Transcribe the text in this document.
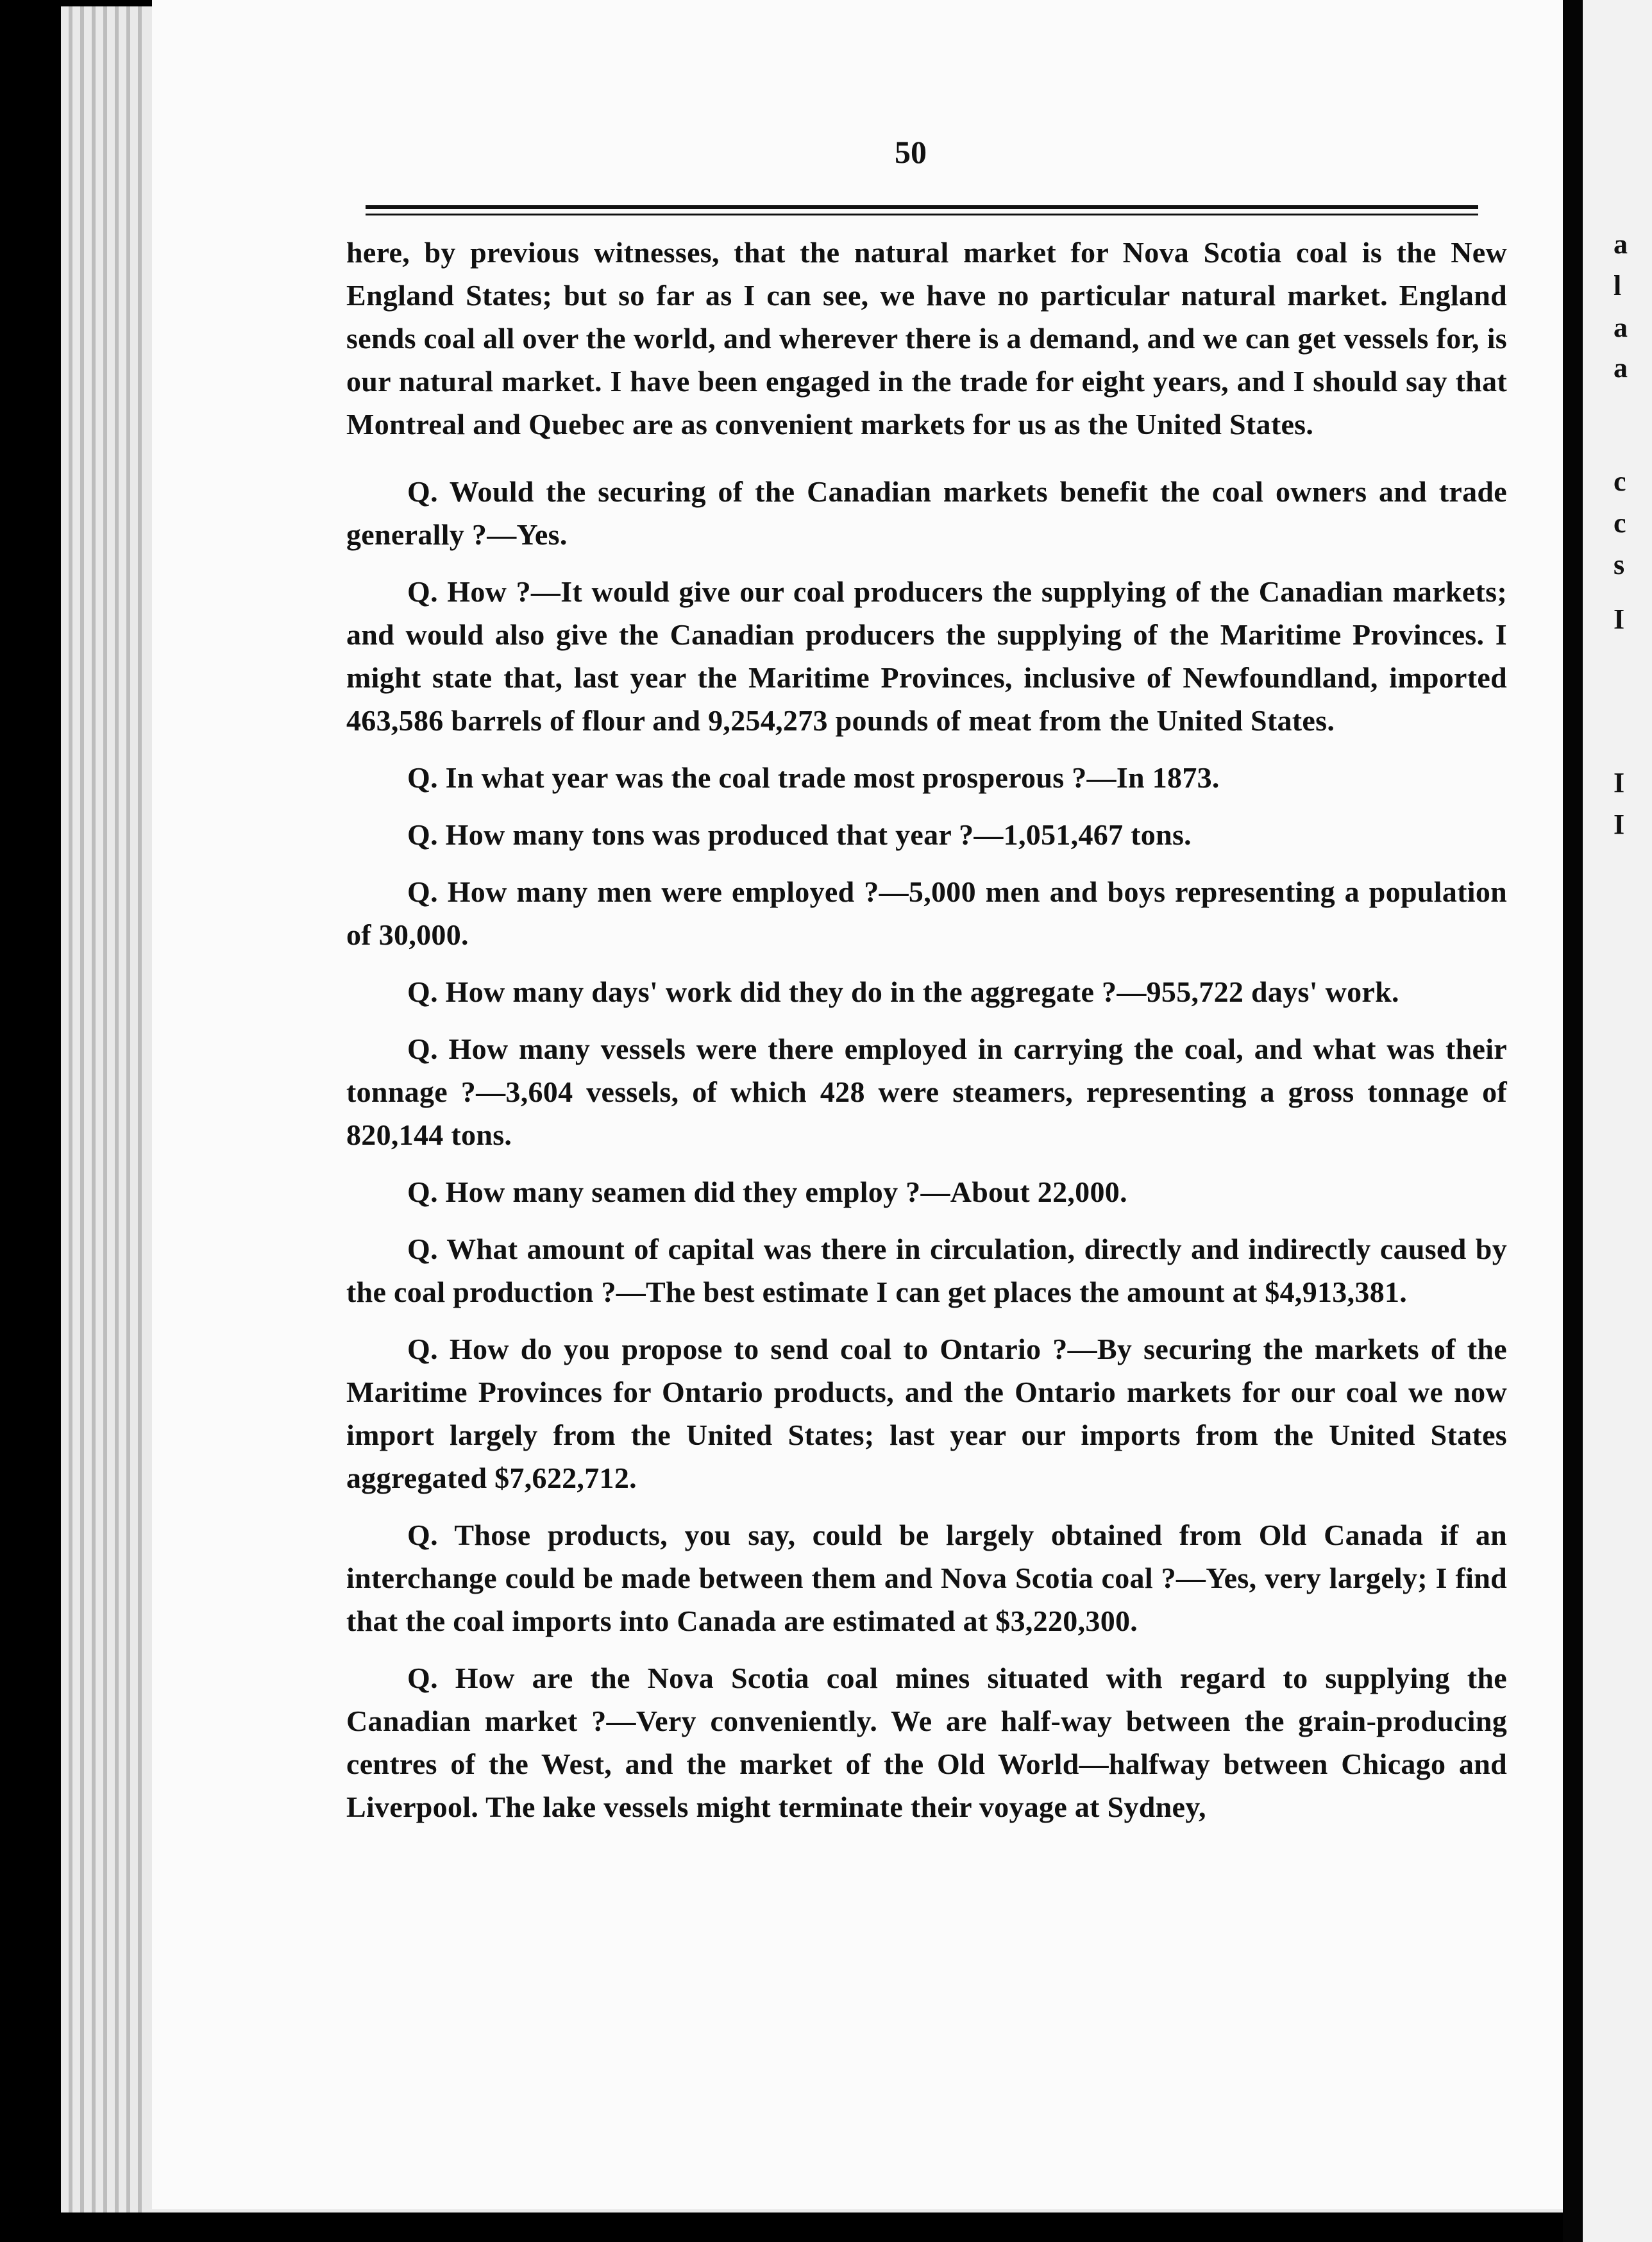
a
l
a
a
c
c
s
I
I
I
50

here, by previous witnesses, that the natural market for Nova Scotia coal is the New England States; but so far as I can see, we have no particular natural market. England sends coal all over the world, and wherever there is a demand, and we can get vessels for, is our natural market. I have been engaged in the trade for eight years, and I should say that Montreal and Quebec are as convenient markets for us as the United States.

Q. Would the securing of the Canadian markets benefit the coal owners and trade generally ?—Yes.

Q. How ?—It would give our coal producers the supplying of the Canadian markets; and would also give the Canadian producers the supplying of the Maritime Provinces. I might state that, last year the Maritime Provinces, inclusive of Newfoundland, imported 463,586 barrels of flour and 9,254,273 pounds of meat from the United States.

Q. In what year was the coal trade most prosperous ?—In 1873.

Q. How many tons was produced that year ?—1,051,467 tons.

Q. How many men were employed ?—5,000 men and boys representing a population of 30,000.

Q. How many days' work did they do in the aggregate ?—955,722 days' work.

Q. How many vessels were there employed in carrying the coal, and what was their tonnage ?—3,604 vessels, of which 428 were steamers, representing a gross tonnage of 820,144 tons.

Q. How many seamen did they employ ?—About 22,000.

Q. What amount of capital was there in circulation, directly and indirectly caused by the coal production ?—The best estimate I can get places the amount at $4,913,381.

Q. How do you propose to send coal to Ontario ?—By securing the markets of the Maritime Provinces for Ontario products, and the Ontario markets for our coal we now import largely from the United States; last year our imports from the United States aggregated $7,622,712.

Q. Those products, you say, could be largely obtained from Old Canada if an interchange could be made between them and Nova Scotia coal ?—Yes, very largely; I find that the coal imports into Canada are estimated at $3,220,300.

Q. How are the Nova Scotia coal mines situated with regard to supplying the Canadian market ?—Very conveniently. We are half-way between the grain-producing centres of the West, and the market of the Old World—halfway between Chicago and Liverpool. The lake vessels might terminate their voyage at Sydney,
